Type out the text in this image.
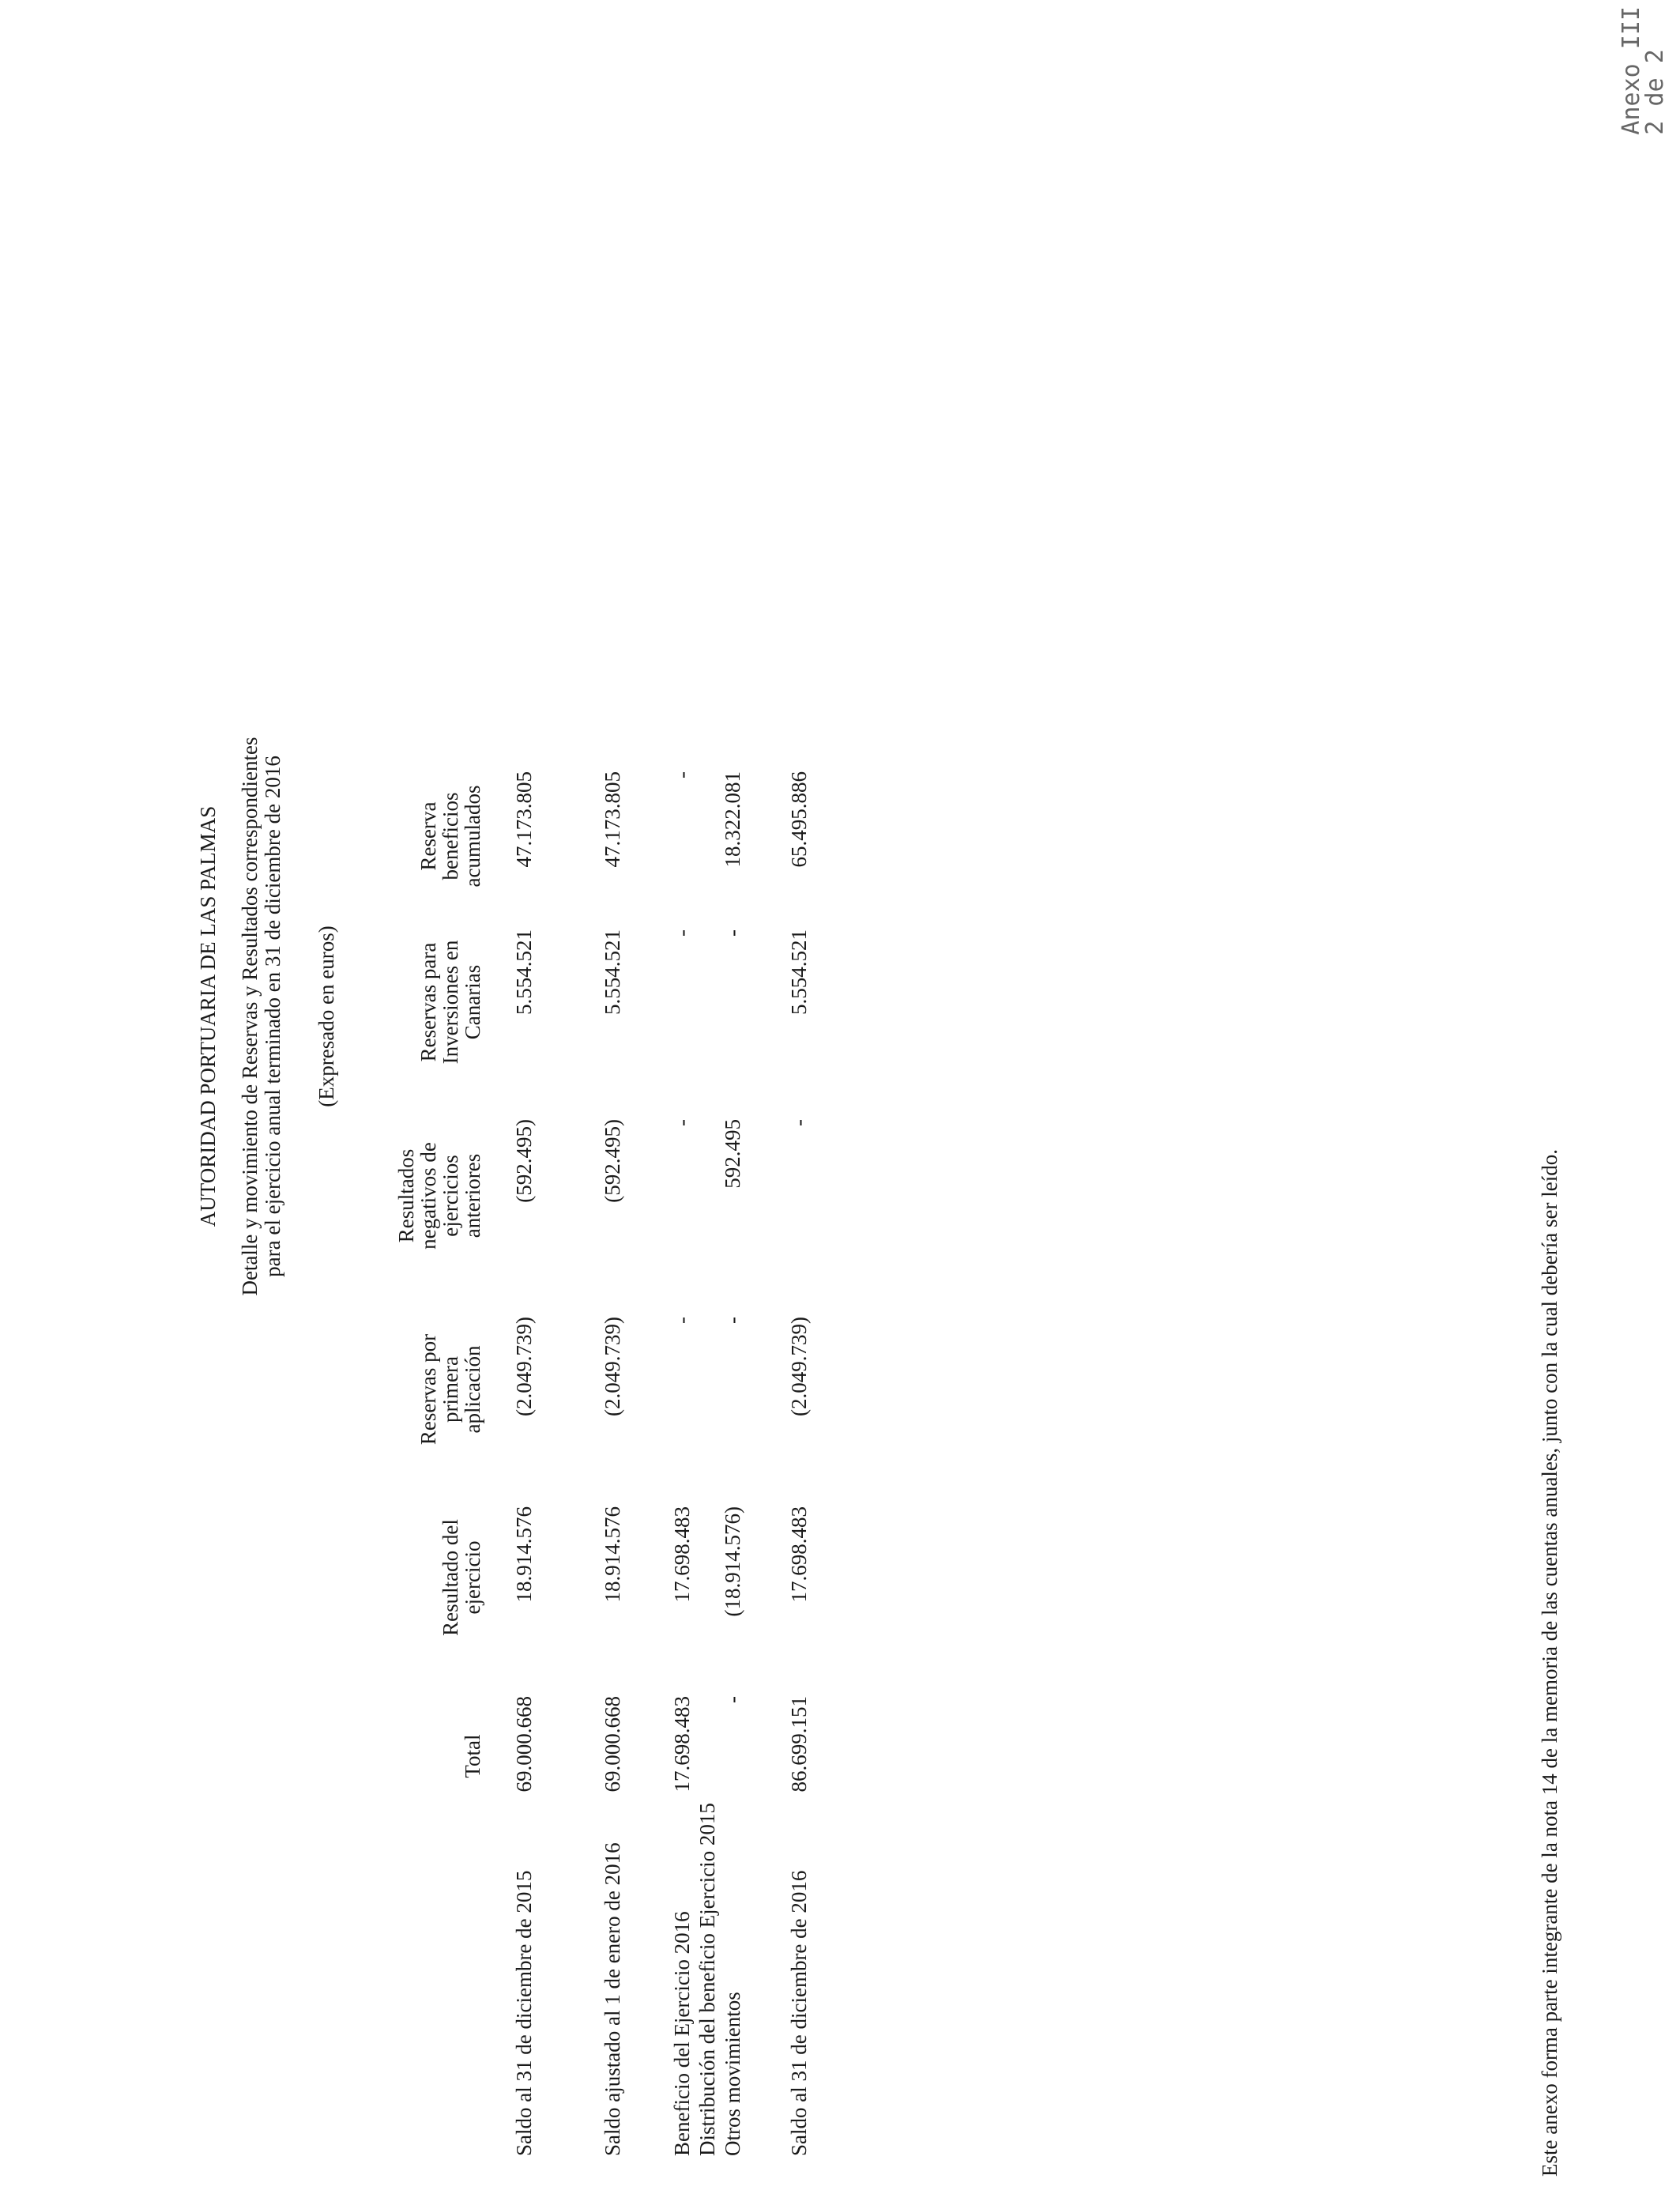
Anexo III
2 de 2
AUTORIDAD PORTUARIA DE LAS PALMAS Detalle y movimiento de Reservas y Resultados correspondientes para el ejercicio anual terminado en 31 de diciembre de 2016 (Expresado en euros)
Reserva
beneficios
acumulados
Reservas para
Inversiones en
Canarias
Resultados
negativos de
ejercicios
anteriores
Reservas por
primera
aplicación
Resultado del
ejercicio
Total
Saldo al 31 de diciembre de 2015	Saldo ajustado al 1 de enero de 2016 Beneficio del Ejercicio 2016 Distribución del beneficio Ejercicio 2015 Otros movimientos Saldo al 31 de diciembre de 2016
47.173.805
5.554.521
(592.495)
(2.049.739)
18.914.576
69.000.668
47.173.805
5.554.521
(592.495)
(2.049.739)
18.914.576
69.000.668
-
-
-
-
17.698.483
17.698.483
18.322.081
-
592.495
-
(18.914.576)
-
65.495.886
5.554.521
-
(2.049.739)
17.698.483
86.699.151	Este anexo forma parte integrante de la nota 14 de la memoria de las cuentas anuales, junto con la cual debería ser leído.
